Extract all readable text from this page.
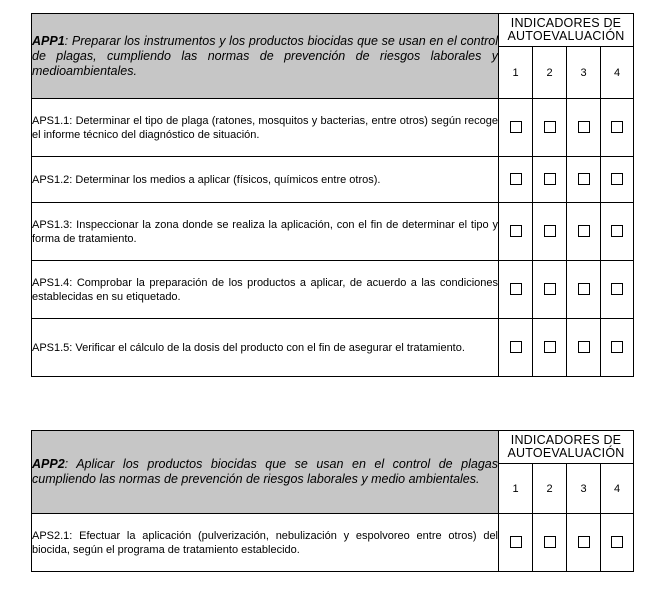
APP1: Preparar los instrumentos y los productos biocidas que se usan en el control de plagas, cumpliendo las normas de prevención de riesgos laborales y medioambientales.	INDICADORES DE AUTOEVALUACIÓN			
	1	2	3	4
APS1.1: Determinar el tipo de plaga (ratones, mosquitos y bacterias, entre otros) según recoge el informe técnico del diagnóstico de situación.				
APS1.2: Determinar los medios a aplicar (físicos, químicos entre otros).				
APS1.3: Inspeccionar la zona donde se realiza la aplicación, con el fin de determinar el tipo y forma de tratamiento.				
APS1.4: Comprobar la preparación de los productos a aplicar, de acuerdo a las condiciones establecidas en su etiquetado.				
APS1.5: Verificar el cálculo de la dosis del producto con el fin de asegurar el tratamiento.				
APP2: Aplicar los productos biocidas que se usan en el control de plagas cumpliendo las normas de prevención de riesgos laborales y medio ambientales.	INDICADORES DE AUTOEVALUACIÓN			
	1	2	3	4
APS2.1: Efectuar la aplicación (pulverización, nebulización y espolvoreo entre otros) del biocida, según el programa de tratamiento establecido.				
